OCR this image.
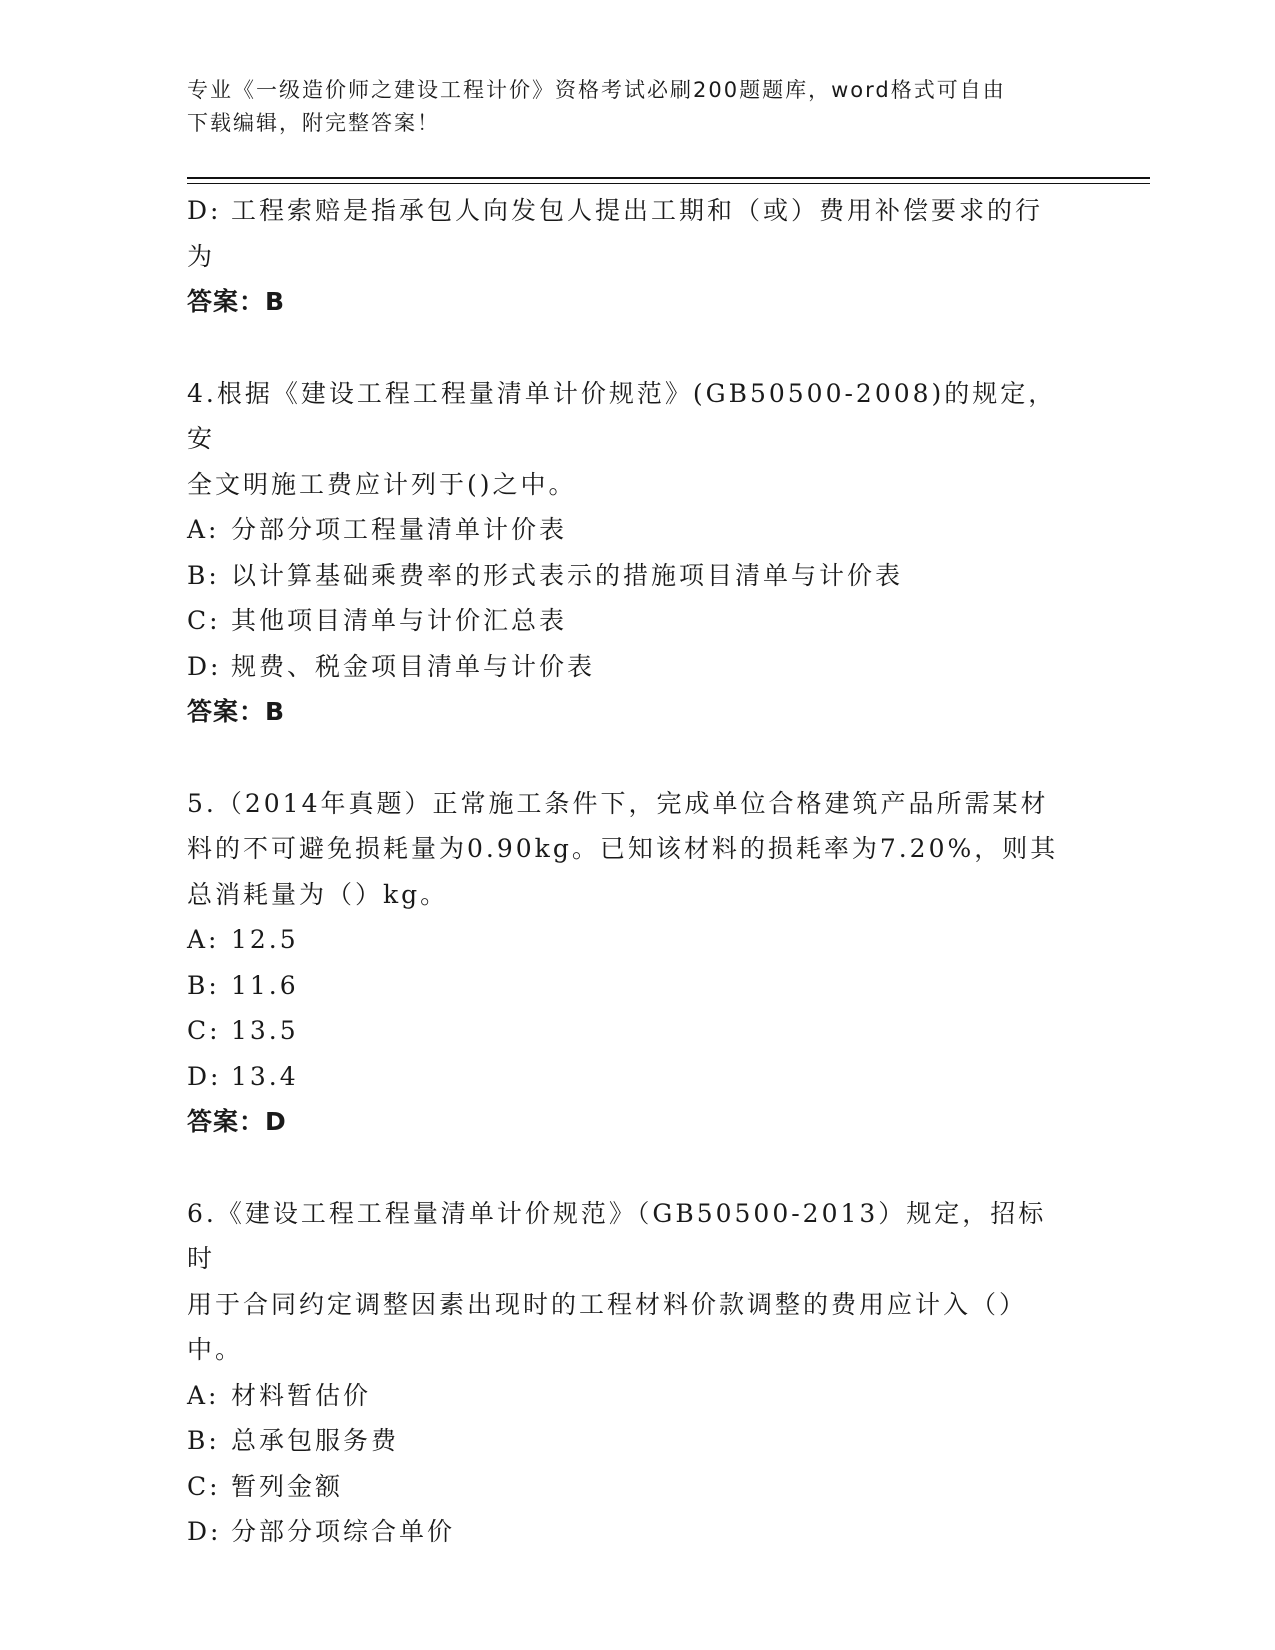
专业《一级造价师之建设工程计价》资格考试必刷200题题库，word格式可自由
下载编辑，附完整答案！
D: 工程索赔是指承包人向发包人提出工期和（或）费用补偿要求的行
为
答案：B
4.根据《建设工程工程量清单计价规范》(GB50500-2008)的规定，安
全文明施工费应计列于()之中。
A: 分部分项工程量清单计价表
B: 以计算基础乘费率的形式表示的措施项目清单与计价表
C: 其他项目清单与计价汇总表
D: 规费、税金项目清单与计价表
答案：B
5.（2014年真题）正常施工条件下，完成单位合格建筑产品所需某材
料的不可避免损耗量为0.90kg。已知该材料的损耗率为7.20%，则其
总消耗量为（）kg。
A: 12.5
B: 11.6
C: 13.5
D: 13.4
答案：D
6.《建设工程工程量清单计价规范》（GB50500-2013）规定，招标时
用于合同约定调整因素出现时的工程材料价款调整的费用应计入（）
中。
A: 材料暂估价
B: 总承包服务费
C: 暂列金额
D: 分部分项综合单价
